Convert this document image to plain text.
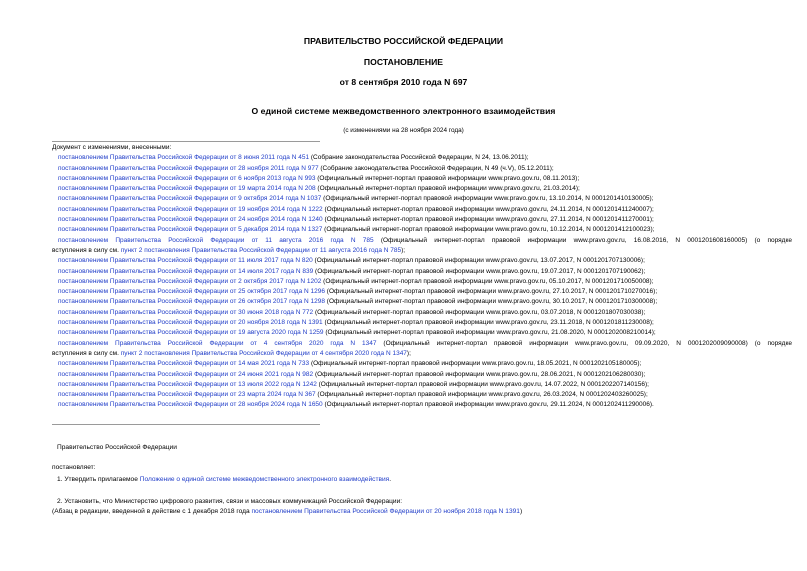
ПРАВИТЕЛЬСТВО РОССИЙСКОЙ ФЕДЕРАЦИИ
ПОСТАНОВЛЕНИЕ
от 8 сентября 2010 года N 697
О единой системе межведомственного электронного взаимодействия
(с изменениями на 28 ноября 2024 года)
Документ с изменениями, внесенными:
постановлением Правительства Российской Федерации от 8 июня 2011 года N 451 (Собрание законодательства Российской Федерации, N 24, 13.06.2011);
постановлением Правительства Российской Федерации от 28 ноября 2011 года N 977 (Собрание законодательства Российской Федерации, N 49 (ч.V), 05.12.2011);
постановлением Правительства Российской Федерации от 6 ноября 2013 года N 993 (Официальный интернет-портал правовой информации www.pravo.gov.ru, 08.11.2013);
постановлением Правительства Российской Федерации от 19 марта 2014 года N 208 (Официальный интернет-портал правовой информации www.pravo.gov.ru, 21.03.2014);
постановлением Правительства Российской Федерации от 9 октября 2014 года N 1037 (Официальный интернет-портал правовой информации www.pravo.gov.ru, 13.10.2014, N 0001201410130005);
постановлением Правительства Российской Федерации от 19 ноября 2014 года N 1222 (Официальный интернет-портал правовой информации www.pravo.gov.ru, 24.11.2014, N 0001201411240007);
постановлением Правительства Российской Федерации от 24 ноября 2014 года N 1240 (Официальный интернет-портал правовой информации www.pravo.gov.ru, 27.11.2014, N 0001201411270001);
постановлением Правительства Российской Федерации от 5 декабря 2014 года N 1327 (Официальный интернет-портал правовой информации www.pravo.gov.ru, 10.12.2014, N 0001201412100023);
постановлением Правительства Российской Федерации от 11 августа 2016 года N 785 (Официальный интернет-портал правовой информации www.pravo.gov.ru, 16.08.2016, N 0001201608160005) (о порядке
вступления в силу см. пункт 2 постановления Правительства Российской Федерации от 11 августа 2016 года N 785);
постановлением Правительства Российской Федерации от 11 июля 2017 года N 820 (Официальный интернет-портал правовой информации www.pravo.gov.ru, 13.07.2017, N 0001201707130006);
постановлением Правительства Российской Федерации от 14 июля 2017 года N 839 (Официальный интернет-портал правовой информации www.pravo.gov.ru, 19.07.2017, N 0001201707190062);
постановлением Правительства Российской Федерации от 2 октября 2017 года N 1202 (Официальный интернет-портал правовой информации www.pravo.gov.ru, 05.10.2017, N 0001201710050008);
постановлением Правительства Российской Федерации от 25 октября 2017 года N 1296 (Официальный интернет-портал правовой информации www.pravo.gov.ru, 27.10.2017, N 0001201710270016);
постановлением Правительства Российской Федерации от 26 октября 2017 года N 1298 (Официальный интернет-портал правовой информации www.pravo.gov.ru, 30.10.2017, N 0001201710300008);
постановлением Правительства Российской Федерации от 30 июня 2018 года N 772 (Официальный интернет-портал правовой информации www.pravo.gov.ru, 03.07.2018, N 0001201807030038);
постановлением Правительства Российской Федерации от 20 ноября 2018 года N 1391 (Официальный интернет-портал правовой информации www.pravo.gov.ru, 23.11.2018, N 0001201811230008);
постановлением Правительства Российской Федерации от 19 августа 2020 года N 1259 (Официальный интернет-портал правовой информации www.pravo.gov.ru, 21.08.2020, N 0001202008210014);
постановлением Правительства Российской Федерации от 4 сентября 2020 года N 1347 (Официальный интернет-портал правовой информации www.pravo.gov.ru, 09.09.2020, N 0001202009090008) (о порядке
вступления в силу см. пункт 2 постановления Правительства Российской Федерации от 4 сентября 2020 года N 1347);
постановлением Правительства Российской Федерации от 14 мая 2021 года N 733 (Официальный интернет-портал правовой информации www.pravo.gov.ru, 18.05.2021, N 0001202105180005);
постановлением Правительства Российской Федерации от 24 июня 2021 года N 982 (Официальный интернет-портал правовой информации www.pravo.gov.ru, 28.06.2021, N 0001202106280030);
постановлением Правительства Российской Федерации от 13 июля 2022 года N 1242 (Официальный интернет-портал правовой информации www.pravo.gov.ru, 14.07.2022, N 0001202207140156);
постановлением Правительства Российской Федерации от 23 марта 2024 года N 367 (Официальный интернет-портал правовой информации www.pravo.gov.ru, 26.03.2024, N 0001202403260025);
постановлением Правительства Российской Федерации от 28 ноября 2024 года N 1650 (Официальный интернет-портал правовой информации www.pravo.gov.ru, 29.11.2024, N 0001202411290006).
Правительство Российской Федерации
постановляет:
1. Утвердить прилагаемое Положение о единой системе межведомственного электронного взаимодействия.
2. Установить, что Министерство цифрового развития, связи и массовых коммуникаций Российской Федерации:
(Абзац в редакции, введенной в действие с 1 декабря 2018 года постановлением Правительства Российской Федерации от 20 ноября 2018 года N 1391)
